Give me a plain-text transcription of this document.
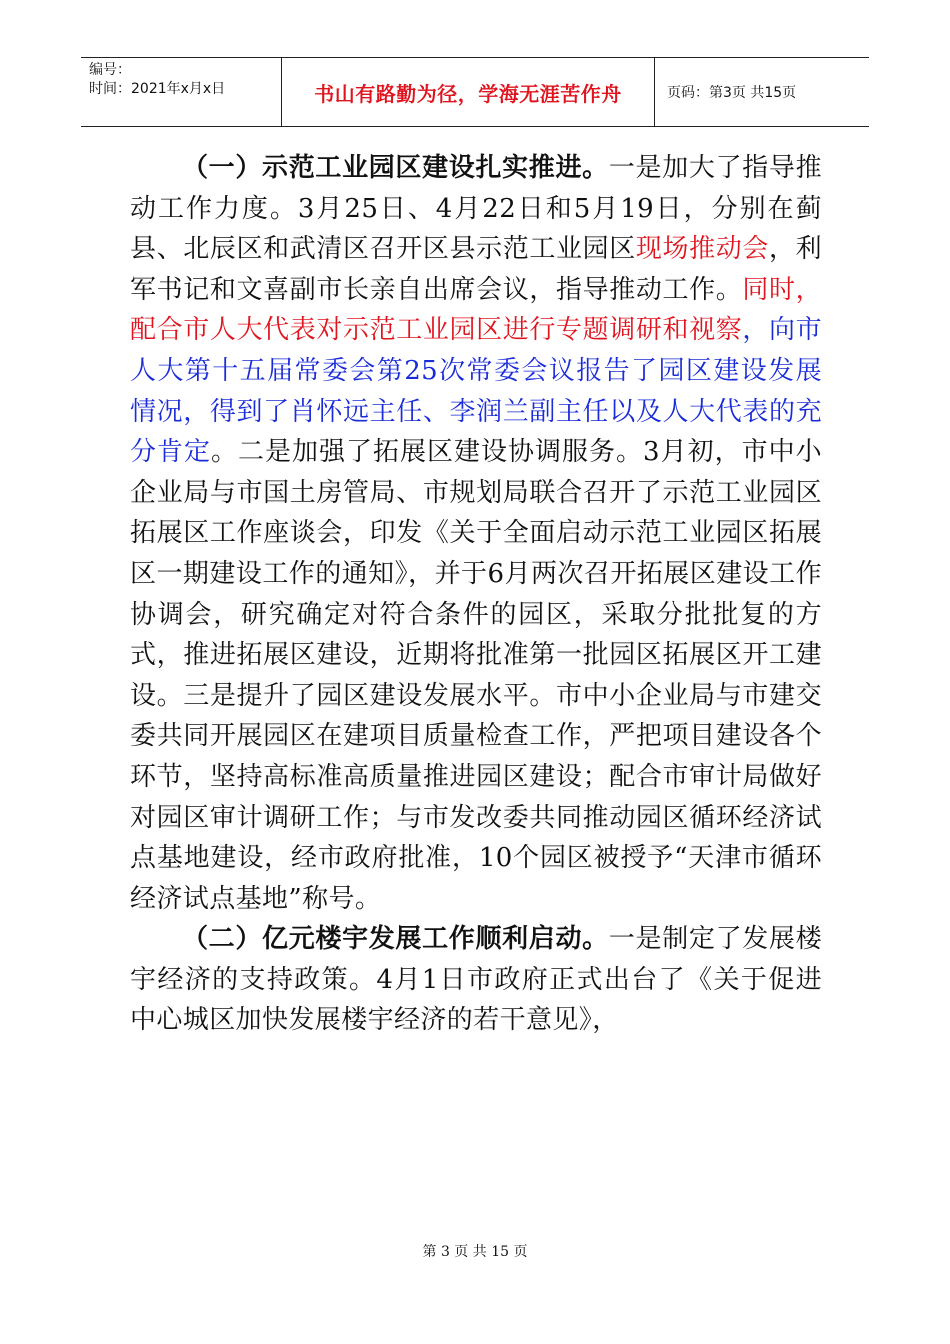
编号：
时间：2021年x月x日	书山有路勤为径，学海无涯苦作舟	页码：第3页 共15页

（一）示范工业园区建设扎实推进。一是加大了指导推动工作力度。3月25日、4月22日和5月19日，分别在蓟县、北辰区和武清区召开区县示范工业园区现场推动会，利军书记和文喜副市长亲自出席会议，指导推动工作。同时，配合市人大代表对示范工业园区进行专题调研和视察，向市人大第十五届常委会第25次常委会议报告了园区建设发展情况，得到了肖怀远主任、李润兰副主任以及人大代表的充分肯定。二是加强了拓展区建设协调服务。3月初，市中小企业局与市国土房管局、市规划局联合召开了示范工业园区拓展区工作座谈会，印发《关于全面启动示范工业园区拓展区一期建设工作的通知》，并于6月两次召开拓展区建设工作协调会，研究确定对符合条件的园区，采取分批批复的方式，推进拓展区建设，近期将批准第一批园区拓展区开工建设。三是提升了园区建设发展水平。市中小企业局与市建交委共同开展园区在建项目质量检查工作，严把项目建设各个环节，坚持高标准高质量推进园区建设；配合市审计局做好对园区审计调研工作；与市发改委共同推动园区循环经济试点基地建设，经市政府批准，10个园区被授予“天津市循环经济试点基地”称号。

（二）亿元楼宇发展工作顺利启动。一是制定了发展楼宇经济的支持政策。4月1日市政府正式出台了《关于促进中心城区加快发展楼宇经济的若干意见》，

第 3 页 共 15 页
